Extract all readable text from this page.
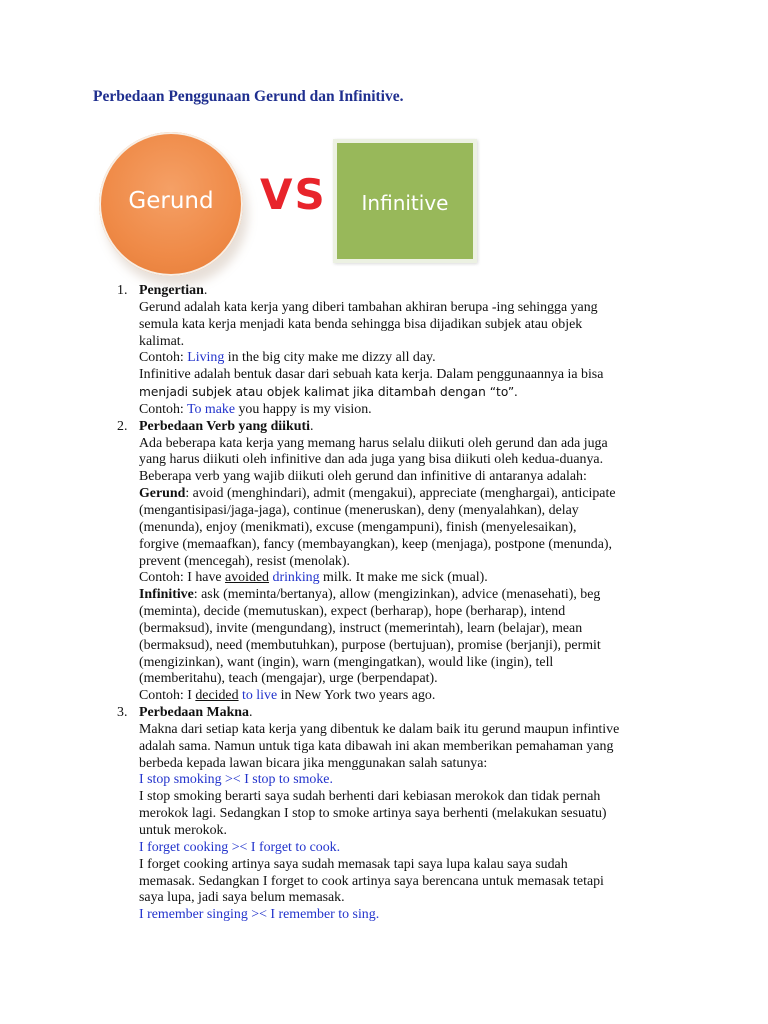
Perbedaan Penggunaan Gerund dan Infinitive.
Gerund	VS	Infinitive
1. Pengertian.
Gerund adalah kata kerja yang diberi tambahan akhiran berupa -ing sehingga yang
semula kata kerja menjadi kata benda sehingga bisa dijadikan subjek atau objek
kalimat.
Contoh: Living in the big city make me dizzy all day.
Infinitive adalah bentuk dasar dari sebuah kata kerja. Dalam penggunaannya ia bisa
menjadi subjek atau objek kalimat jika ditambah dengan “to”.
Contoh: To make you happy is my vision.
2. Perbedaan Verb yang diikuti.
Ada beberapa kata kerja yang memang harus selalu diikuti oleh gerund dan ada juga
yang harus diikuti oleh infinitive dan ada juga yang bisa diikuti oleh kedua-duanya.
Beberapa verb yang wajib diikuti oleh gerund dan infinitive di antaranya adalah:
Gerund: avoid (menghindari), admit (mengakui), appreciate (menghargai), anticipate
(mengantisipasi/jaga-jaga), continue (meneruskan), deny (menyalahkan), delay
(menunda), enjoy (menikmati), excuse (mengampuni), finish (menyelesaikan),
forgive (memaafkan), fancy (membayangkan), keep (menjaga), postpone (menunda),
prevent (mencegah), resist (menolak).
Contoh: I have avoided drinking milk. It make me sick (mual).
Infinitive: ask (meminta/bertanya), allow (mengizinkan), advice (menasehati), beg
(meminta), decide (memutuskan), expect (berharap), hope (berharap), intend
(bermaksud), invite (mengundang), instruct (memerintah), learn (belajar), mean
(bermaksud), need (membutuhkan), purpose (bertujuan), promise (berjanji), permit
(mengizinkan), want (ingin), warn (mengingatkan), would like (ingin), tell
(memberitahu), teach (mengajar), urge (berpendapat).
Contoh: I decided to live in New York two years ago.
3. Perbedaan Makna.
Makna dari setiap kata kerja yang dibentuk ke dalam baik itu gerund maupun infintive
adalah sama. Namun untuk tiga kata dibawah ini akan memberikan pemahaman yang
berbeda kepada lawan bicara jika menggunakan salah satunya:
I stop smoking >< I stop to smoke.
I stop smoking berarti saya sudah berhenti dari kebiasan merokok dan tidak pernah
merokok lagi. Sedangkan I stop to smoke artinya saya berhenti (melakukan sesuatu)
untuk merokok.
I forget cooking >< I forget to cook.
I forget cooking artinya saya sudah memasak tapi saya lupa kalau saya sudah
memasak. Sedangkan I forget to cook artinya saya berencana untuk memasak tetapi
saya lupa, jadi saya belum memasak.
I remember singing >< I remember to sing.
